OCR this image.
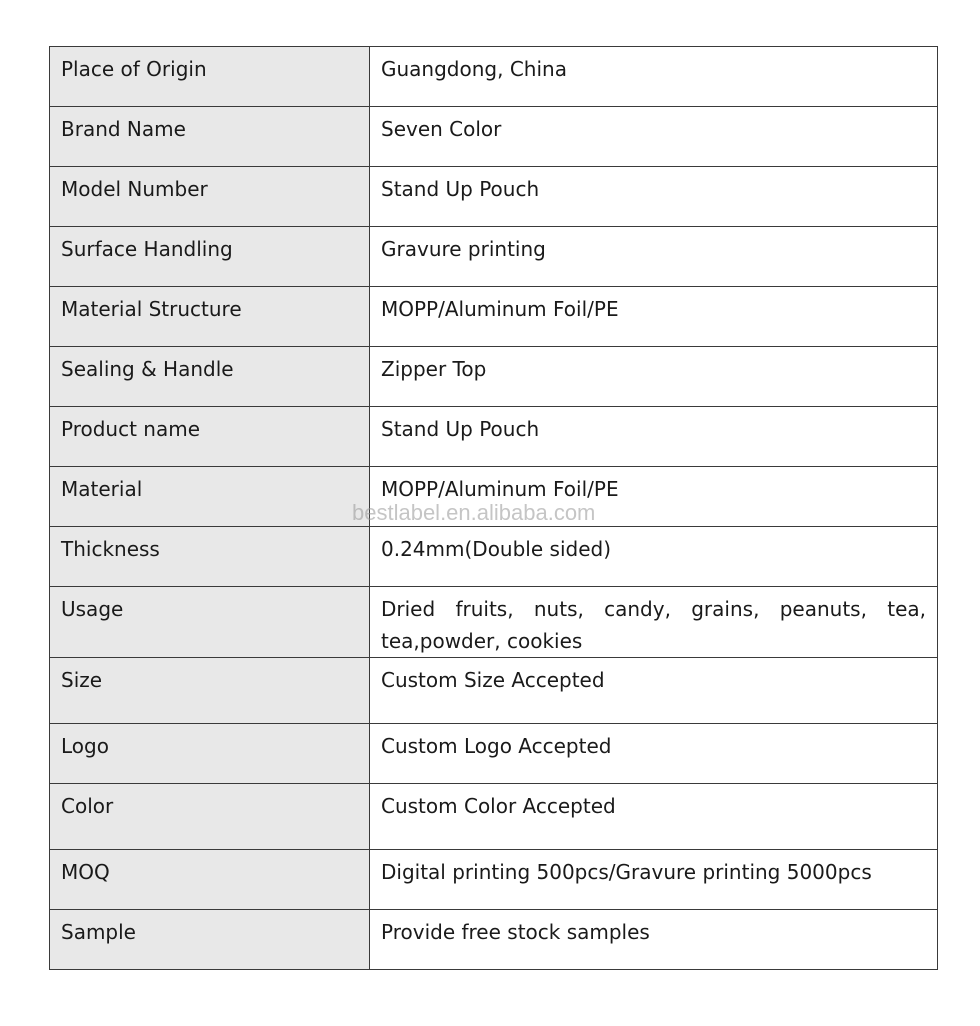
Place of Origin	Guangdong, China
Brand Name	Seven Color
Model Number	Stand Up Pouch
Surface Handling	Gravure printing
Material Structure	MOPP/Aluminum Foil/PE
Sealing & Handle	Zipper Top
Product name	Stand Up Pouch
Material	MOPP/Aluminum Foil/PE
Thickness	0.24mm(Double sided)
Usage	Dried fruits, nuts, candy, grains, peanuts, tea, tea,powder, cookies
Size	Custom Size Accepted
Logo	Custom Logo Accepted
Color	Custom Color Accepted
MOQ	Digital printing 500pcs/Gravure printing 5000pcs
Sample	Provide free stock samples
bestlabel.en.alibaba.com
